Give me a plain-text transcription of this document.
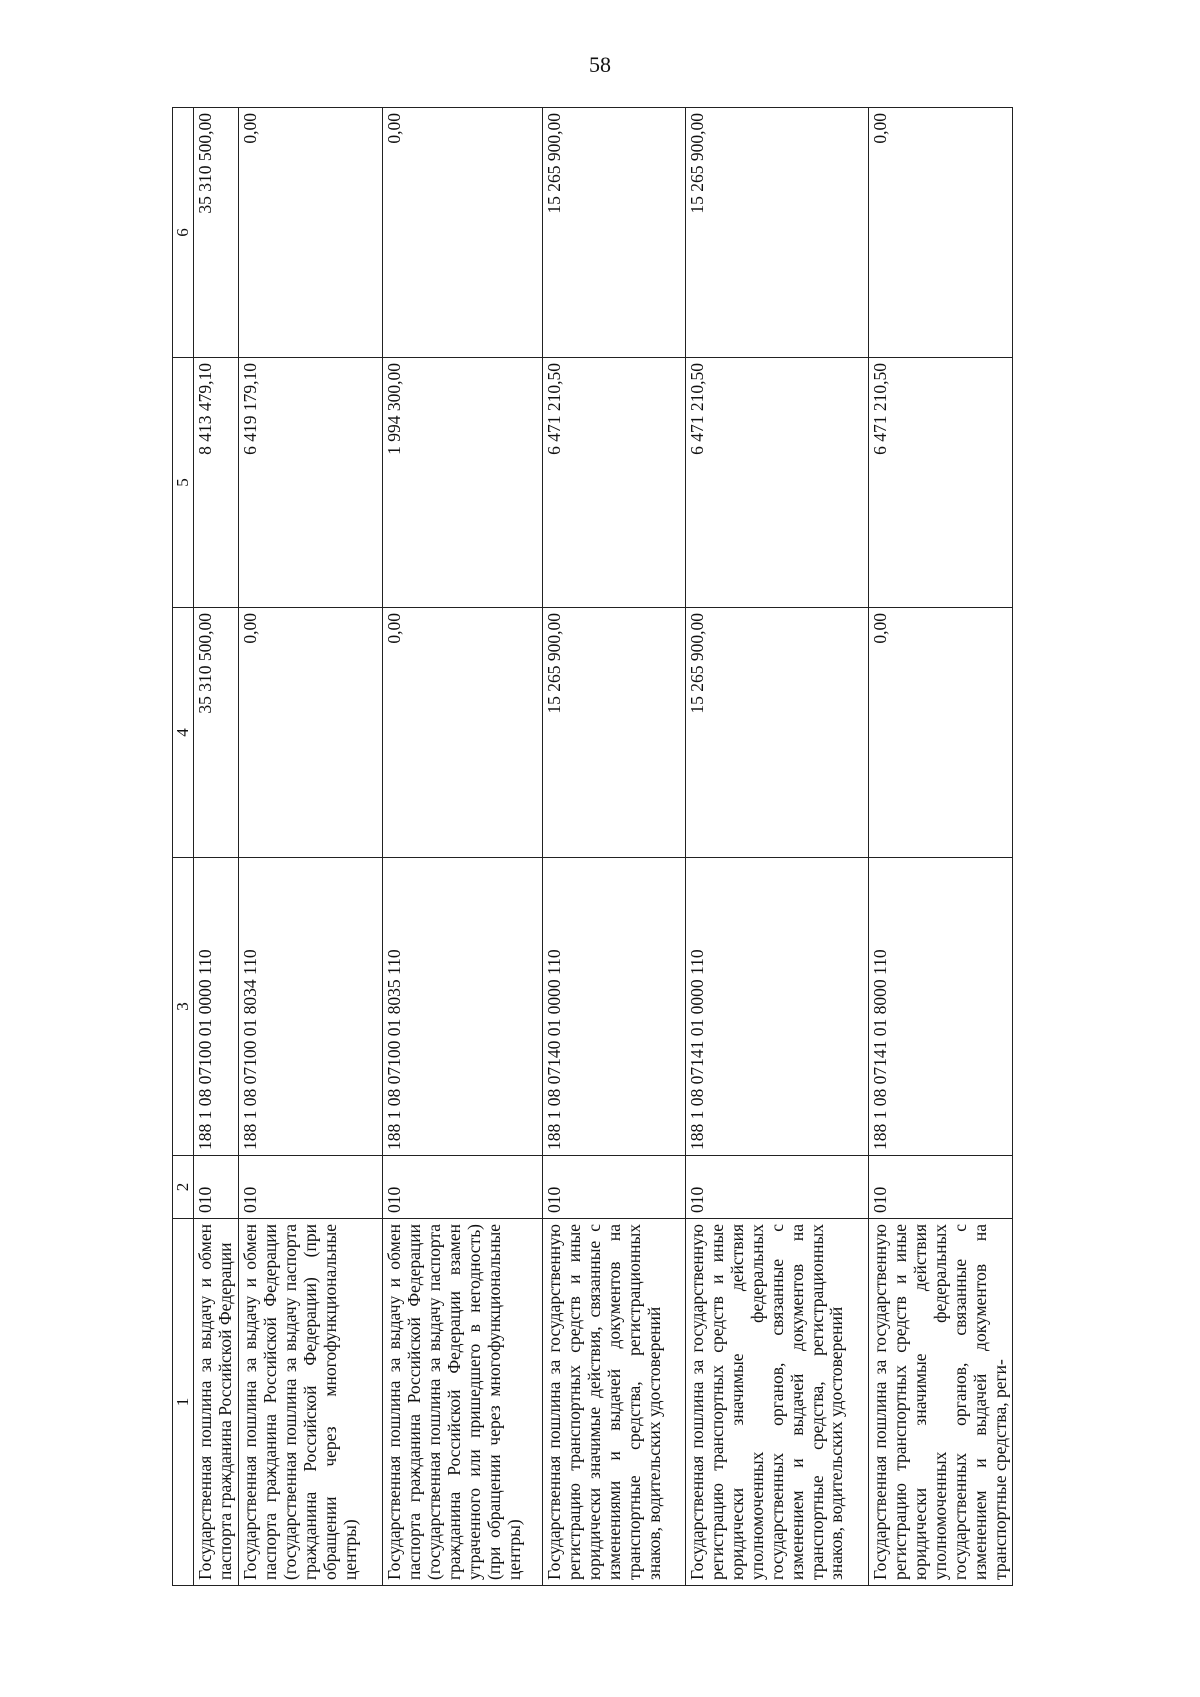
58
1	2	3	4	5	6
Государственная пошлина за выдачу и обмен паспорта гражданина Российской Федерации	010	188 1 08 07100 01 0000 110	35 310 500,00	8 413 479,10	35 310 500,00
Государственная пошлина за выдачу и обмен паспорта гражданина Российской Федерации (государственная пошлина за выдачу паспорта гражданина Российской Федерации) (при обращении через многофункциональные центры)	010	188 1 08 07100 01 8034 110	0,00	6 419 179,10	0,00
Государственная пошлина за выдачу и обмен паспорта гражданина Российской Федерации (государственная пошлина за выдачу паспорта гражданина Российской Федерации взамен утраченного или пришедшего в негодность) (при обращении через многофункциональные центры)	010	188 1 08 07100 01 8035 110	0,00	1 994 300,00	0,00
Государственная пошлина за государственную регистрацию транспортных средств и иные юридически значимые действия, связанные с изменениями и выдачей документов на транспортные средства, регистрационных знаков, водительских удостоверений	010	188 1 08 07140 01 0000 110	15 265 900,00	6 471 210,50	15 265 900,00
Государственная пошлина за государственную регистрацию транспортных средств и иные юридически значимые действия уполномоченных федеральных государственных органов, связанные с изменением и выдачей документов на транспортные средства, регистрационных знаков, водительских удостоверений	010	188 1 08 07141 01 0000 110	15 265 900,00	6 471 210,50	15 265 900,00
Государственная пошлина за государственную регистрацию транспортных средств и иные юридически значимые действия уполномоченных федеральных государственных органов, связанные с изменением и выдачей документов на транспортные средства, реги-	010	188 1 08 07141 01 8000 110	0,00	6 471 210,50	0,00
